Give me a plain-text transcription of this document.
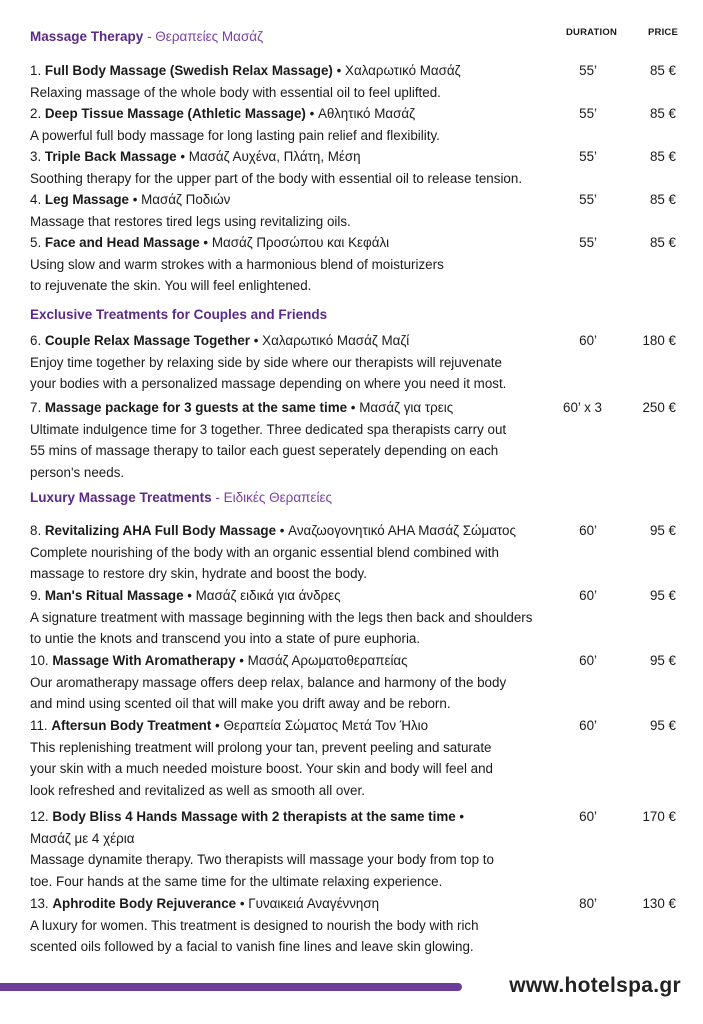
DURATION	PRICE
Massage Therapy - Θεραπείες Μασάζ
Exclusive Treatments for Couples and Friends
Luxury Massage Treatments - Ειδικές Θεραπείες
1. Full Body Massage (Swedish Relax Massage) • Χαλαρωτικό Μασάζ
Relaxing massage of the whole body with essential oil to feel uplifted.
55’	85 €
2. Deep Tissue Massage (Athletic Massage) • Αθλητικό Μασάζ
A powerful full body massage for long lasting pain relief and flexibility.
55’	85 €
3. Triple Back Massage • Μασάζ Αυχένα, Πλάτη, Μέση
Soothing therapy for the upper part of the body with essential oil to release tension.
55’	85 €
4. Leg Massage • Μασάζ Ποδιών
Massage that restores tired legs using revitalizing oils.
55’	85 €
5. Face and Head Massage • Μασάζ Προσώπου και Κεφάλι
Using slow and warm strokes with a harmonious blend of moisturizers
to rejuvenate the skin. You will feel enlightened.
55’	85 €
6. Couple Relax Massage Together • Χαλαρωτικό Μασάζ Μαζί
Enjoy time together by relaxing side by side where our therapists will rejuvenate
your bodies with a personalized massage depending on where you need it most.
60’	180 €
7. Massage package for 3 guests at the same time • Μασάζ για τρεις
Ultimate indulgence time for 3 together. Three dedicated spa therapists carry out
55 mins of massage therapy to tailor each guest seperately depending on each
person's needs.
60’ x 3	250 €
8. Revitalizing AHA Full Body Massage • Αναζωογονητικό ΑΗΑ Μασάζ Σώματος
Complete nourishing of the body with an organic essential blend combined with
massage to restore dry skin, hydrate and boost the body.
60’	95 €
9. Man's Ritual Massage • Μασάζ ειδικά για άνδρες
A signature treatment with massage beginning with the legs then back and shoulders
to untie the knots and transcend you into a state of pure euphoria.
60’	95 €
10. Massage With Aromatherapy • Μασάζ Αρωματοθεραπείας
Our aromatherapy massage offers deep relax, balance and harmony of the body
and mind using scented oil that will make you drift away and be reborn.
60’	95 €
11. Aftersun Body Treatment • Θεραπεία Σώματος Μετά Τον Ήλιο
This replenishing treatment will prolong your tan, prevent peeling and saturate
your skin with a much needed moisture boost. Your skin and body will feel and
look refreshed and revitalized as well as smooth all over.
60’	95 €
12. Body Bliss 4 Hands Massage with 2 therapists at the same time •
Μασάζ με 4 χέρια
Massage dynamite therapy. Two therapists will massage your body from top to
toe. Four hands at the same time for the ultimate relaxing experience.
60’	170 €
13. Aphrodite Body Rejuverance • Γυναικειά Αναγέννηση
A luxury for women. This treatment is designed to nourish the body with rich
scented oils followed by a facial to vanish fine lines and leave skin glowing.
80’	130 €
www.hotelspa.gr
